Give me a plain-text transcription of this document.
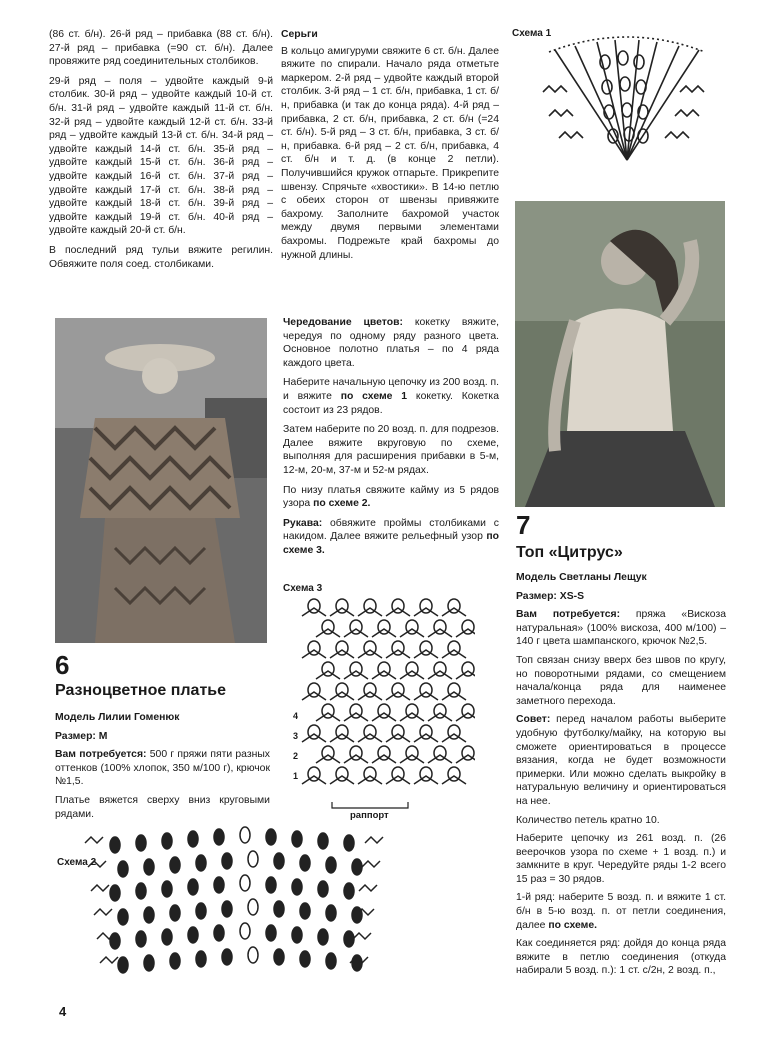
(86 ст. б/н). 26-й ряд – прибавка (88 ст. б/н). 27-й ряд – прибавка (=90 ст. б/н). Далее провяжите ряд соединительных столбиков.

29-й ряд – поля – удвойте каждый 9-й столбик. 30-й ряд – удвойте каждый 10-й ст. б/н. 31-й ряд – удвойте каждый 11-й ст. б/н. 32-й ряд – удвойте каждый 12-й ст. б/н. 33-й ряд – удвойте каждый 13-й ст. б/н. 34-й ряд – удвойте каждый 14-й ст. б/н. 35-й ряд – удвойте каждый 15-й ст. б/н. 36-й ряд – удвойте каждый 16-й ст. б/н. 37-й ряд – удвойте каждый 17-й ст. б/н. 38-й ряд – удвойте каждый 18-й ст. б/н. 39-й ряд – удвойте каждый 19-й ст. б/н. 40-й ряд – удвойте каждый 20-й ст. б/н.

В последний ряд тульи вяжите регилин. Обвяжите поля соед. столбиками.

Серьги

В кольцо амигуруми свяжите 6 ст. б/н. Далее вяжите по спирали. Начало ряда отметьте маркером. 2-й ряд – удвойте каждый второй столбик. 3-й ряд – 1 ст. б/н, прибавка, 1 ст. б/н, прибавка (и так до конца ряда). 4-й ряд – прибавка, 2 ст. б/н, прибавка, 2 ст. б/н (=24 ст. б/н). 5-й ряд – 3 ст. б/н, прибавка, 3 ст. б/н, прибавка. 6-й ряд – 2 ст. б/н, прибавка, 4 ст. б/н и т. д. (в конце 2 петли). Получившийся кружок отпарьте. Прикрепите швензу. Спрячьте «хвостики». В 14-ю петлю с обеих сторон от швензы привяжите бахрому. Заполните бахромой участок между двумя первыми элементами бахромы. Подрежьте край бахромы до нужной длины.

Схема 1

Чередование цветов: кокетку вяжите, чередуя по одному ряду разного цвета. Основное полотно платья – по 4 ряда каждого цвета.

Наберите начальную цепочку из 200 возд. п. и вяжите по схеме 1 кокетку. Кокетка состоит из 23 рядов.

Затем наберите по 20 возд. п. для подрезов. Далее вяжите вкруговую по схеме, выполняя для расширения прибавки в 5-м, 12-м, 20-м, 37-м и 52-м рядах.

По низу платья свяжите кайму из 5 рядов узора по схеме 2.

Рукава: обвяжите проймы столбиками с накидом. Далее вяжите рельефный узор по схеме 3.

Схема 3
4
3
2
1
раппорт
6
Разноцветное платье

Модель Лилии Гоменюк

Размер: M

Вам потребуется: 500 г пряжи пяти разных оттенков (100% хлопок, 350 м/100 г), крючок №1,5.

Платье вяжется сверху вниз круговыми рядами.

Схема 2
7
Топ «Цитрус»

Модель Светланы Лещук

Размер: XS-S

Вам потребуется: пряжа «Вискоза натуральная» (100% вискоза, 400 м/100) – 140 г цвета шампанского, крючок №2,5.

Топ связан снизу вверх без швов по кругу, но поворотными рядами, со смещением начала/конца ряда для наименее заметного перехода.

Совет: перед началом работы выберите удобную футболку/майку, на которую вы сможете ориентироваться в процессе вязания, когда не будет возможности примерки. Или можно сделать выкройку в натуральную величину и ориентироваться на нее.

Количество петель кратно 10.

Наберите цепочку из 261 возд. п. (26 веерочков узора по схеме + 1 возд. п.) и замкните в круг. Чередуйте ряды 1-2 всего 15 раз = 30 рядов.

1-й ряд: наберите 5 возд. п. и вяжите 1 ст. б/н в 5-ю возд. п. от петли соединения, далее по схеме.

Как соединяется ряд: дойдя до конца ряда вяжите в петлю соединения (откуда набирали 5 возд. п.): 1 ст. с/2н, 2 возд. п.,

4
